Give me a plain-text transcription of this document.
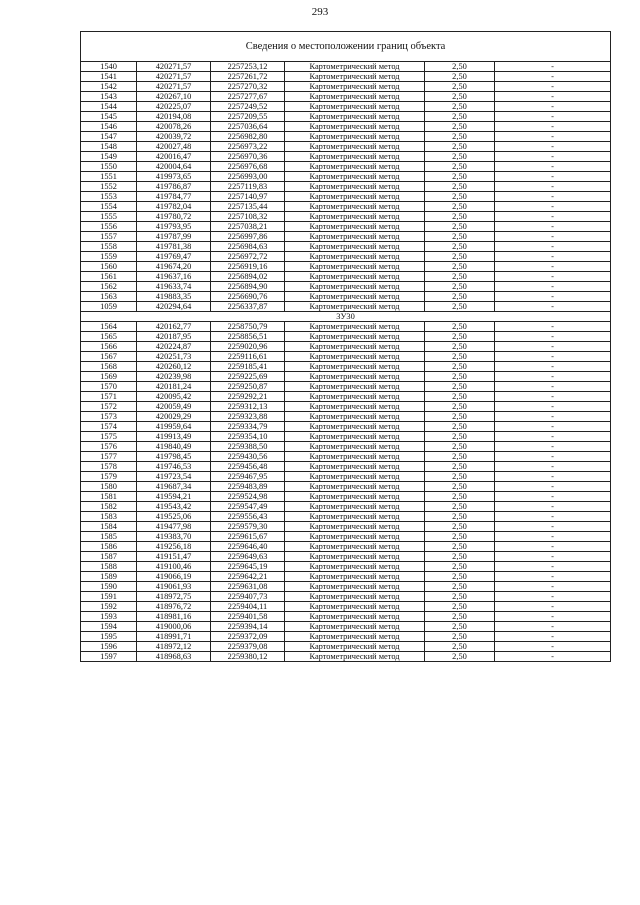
293
Сведения о местоположении границ объекта					
1540	420271,57	2257253,12	Картометрический метод	2,50	-
1541	420271,57	2257261,72	Картометрический метод	2,50	-
1542	420271,57	2257270,32	Картометрический метод	2,50	-
1543	420267,10	2257277,67	Картометрический метод	2,50	-
1544	420225,07	2257249,52	Картометрический метод	2,50	-
1545	420194,08	2257209,55	Картометрический метод	2,50	-
1546	420078,26	2257036,64	Картометрический метод	2,50	-
1547	420039,72	2256982,80	Картометрический метод	2,50	-
1548	420027,48	2256973,22	Картометрический метод	2,50	-
1549	420016,47	2256970,36	Картометрический метод	2,50	-
1550	420004,64	2256976,68	Картометрический метод	2,50	-
1551	419973,65	2256993,00	Картометрический метод	2,50	-
1552	419786,87	2257119,83	Картометрический метод	2,50	-
1553	419784,77	2257140,97	Картометрический метод	2,50	-
1554	419782,04	2257135,44	Картометрический метод	2,50	-
1555	419780,72	2257108,32	Картометрический метод	2,50	-
1556	419793,95	2257038,21	Картометрический метод	2,50	-
1557	419787,99	2256997,86	Картометрический метод	2,50	-
1558	419781,38	2256984,63	Картометрический метод	2,50	-
1559	419769,47	2256972,72	Картометрический метод	2,50	-
1560	419674,20	2256919,16	Картометрический метод	2,50	-
1561	419637,16	2256894,02	Картометрический метод	2,50	-
1562	419633,74	2256894,90	Картометрический метод	2,50	-
1563	419883,35	2256690,76	Картометрический метод	2,50	-
1059	420294,64	2256337,87	Картометрический метод	2,50	-
3У30					
1564	420162,77	2258750,79	Картометрический метод	2,50	-
1565	420187,95	2258856,51	Картометрический метод	2,50	-
1566	420224,87	2259020,96	Картометрический метод	2,50	-
1567	420251,73	2259116,61	Картометрический метод	2,50	-
1568	420260,12	2259185,41	Картометрический метод	2,50	-
1569	420239,98	2259225,69	Картометрический метод	2,50	-
1570	420181,24	2259250,87	Картометрический метод	2,50	-
1571	420095,42	2259292,21	Картометрический метод	2,50	-
1572	420059,49	2259312,13	Картометрический метод	2,50	-
1573	420029,29	2259323,88	Картометрический метод	2,50	-
1574	419959,64	2259334,79	Картометрический метод	2,50	-
1575	419913,49	2259354,10	Картометрический метод	2,50	-
1576	419840,49	2259388,50	Картометрический метод	2,50	-
1577	419798,45	2259430,56	Картометрический метод	2,50	-
1578	419746,53	2259456,48	Картометрический метод	2,50	-
1579	419723,54	2259467,95	Картометрический метод	2,50	-
1580	419687,34	2259483,89	Картометрический метод	2,50	-
1581	419594,21	2259524,98	Картометрический метод	2,50	-
1582	419543,42	2259547,49	Картометрический метод	2,50	-
1583	419525,06	2259556,43	Картометрический метод	2,50	-
1584	419477,98	2259579,30	Картометрический метод	2,50	-
1585	419383,70	2259615,67	Картометрический метод	2,50	-
1586	419256,18	2259646,40	Картометрический метод	2,50	-
1587	419151,47	2259649,63	Картометрический метод	2,50	-
1588	419100,46	2259645,19	Картометрический метод	2,50	-
1589	419066,19	2259642,21	Картометрический метод	2,50	-
1590	419061,93	2259631,08	Картометрический метод	2,50	-
1591	418972,75	2259407,73	Картометрический метод	2,50	-
1592	418976,72	2259404,11	Картометрический метод	2,50	-
1593	418981,16	2259401,58	Картометрический метод	2,50	-
1594	419000,06	2259394,14	Картометрический метод	2,50	-
1595	418991,71	2259372,09	Картометрический метод	2,50	-
1596	418972,12	2259379,08	Картометрический метод	2,50	-
1597	418968,63	2259380,12	Картометрический метод	2,50	-
